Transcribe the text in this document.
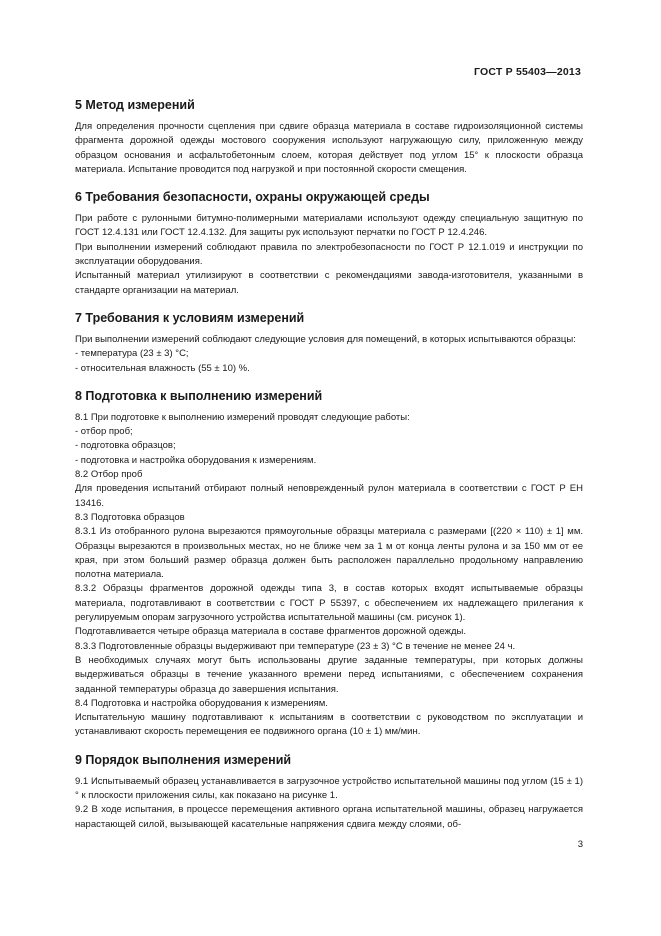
ГОСТ Р 55403—2013
5 Метод измерений

Для определения прочности сцепления при сдвиге образца материала в составе гидроизоляционной системы фрагмента дорожной одежды мостового сооружения используют нагружающую силу, приложенную между образцом основания и асфальтобетонным слоем, которая действует под углом 15° к плоскости образца материала. Испытание проводится под нагрузкой и при постоянной скорости смещения.

6 Требования безопасности, охраны окружающей среды

При работе с рулонными битумно-полимерными материалами используют одежду специальную защитную по ГОСТ 12.4.131 или ГОСТ 12.4.132. Для защиты рук используют перчатки по ГОСТ Р 12.4.246.

При выполнении измерений соблюдают правила по электробезопасности по ГОСТ Р 12.1.019 и инструкции по эксплуатации оборудования.

Испытанный материал утилизируют в соответствии с рекомендациями завода-изготовителя, указанными в стандарте организации на материал.

7 Требования к условиям измерений

При выполнении измерений соблюдают следующие условия для помещений, в которых испытываются образцы:

- температура (23 ± 3) °C;

- относительная влажность (55 ± 10) %.

8 Подготовка к выполнению измерений

8.1 При подготовке к выполнению измерений проводят следующие работы:

- отбор проб;

- подготовка образцов;

- подготовка и настройка оборудования к измерениям.

8.2 Отбор проб

Для проведения испытаний отбирают полный неповрежденный рулон материала в соответствии с ГОСТ Р ЕН 13416.

8.3 Подготовка образцов

8.3.1 Из отобранного рулона вырезаются прямоугольные образцы материала с размерами [(220 × 110) ± 1] мм. Образцы вырезаются в произвольных местах, но не ближе чем за 1 м от конца ленты рулона и за 150 мм от ее края, при этом больший размер образца должен быть расположен параллельно продольному направлению полотна материала.

8.3.2 Образцы фрагментов дорожной одежды типа 3, в состав которых входят испытываемые образцы материала, подготавливают в соответствии с ГОСТ Р 55397, с обеспечением их надлежащего прилегания к регулируемым опорам загрузочного устройства испытательной машины (см. рисунок 1).

Подготавливается четыре образца материала в составе фрагментов дорожной одежды.

8.3.3 Подготовленные образцы выдерживают при температуре (23 ± 3) °C в течение не менее 24 ч.

В необходимых случаях могут быть использованы другие заданные температуры, при которых должны выдерживаться образцы в течение указанного времени перед испытаниями, с обеспечением сохранения заданной температуры образца до завершения испытания.

8.4 Подготовка и настройка оборудования к измерениям.

Испытательную машину подготавливают к испытаниям в соответствии с руководством по эксплуатации и устанавливают скорость перемещения ее подвижного органа (10 ± 1) мм/мин.

9 Порядок выполнения измерений

9.1 Испытываемый образец устанавливается в загрузочное устройство испытательной машины под углом (15 ± 1)° к плоскости приложения силы, как показано на рисунке 1.

9.2 В ходе испытания, в процессе перемещения активного органа испытательной машины, образец нагружается нарастающей силой, вызывающей касательные напряжения сдвига между слоями, об-

3
